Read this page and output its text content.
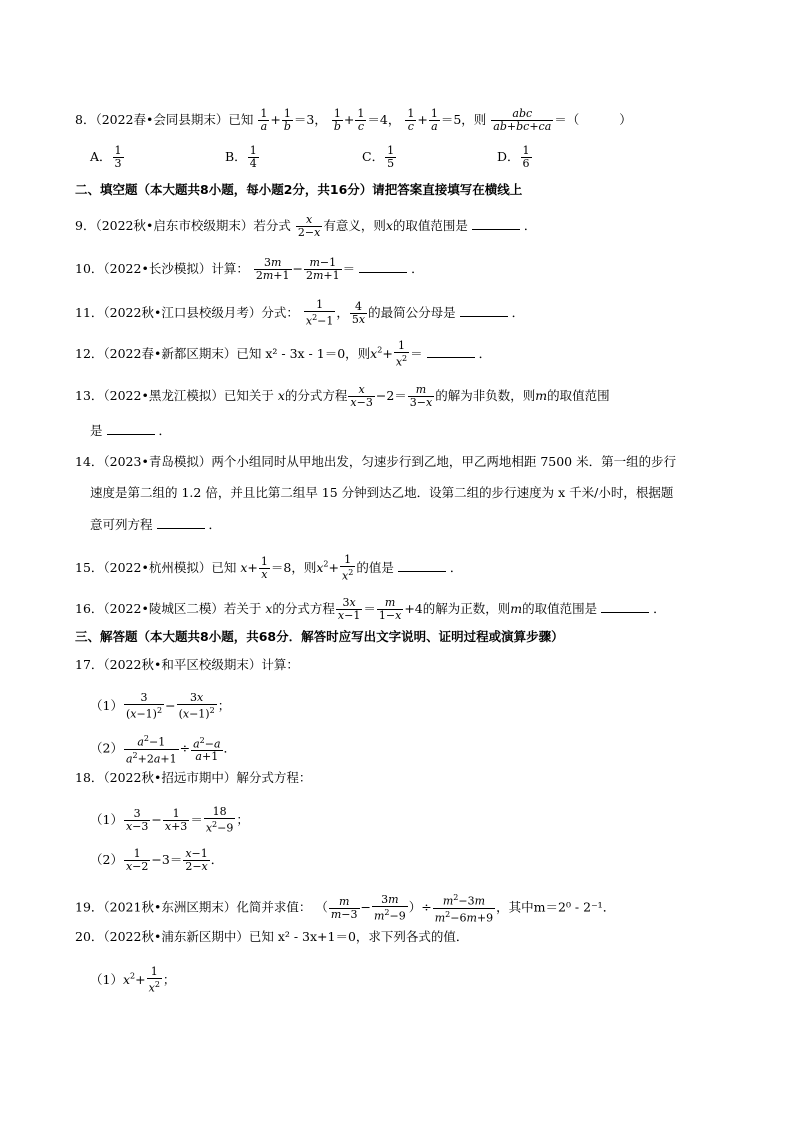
8．（2022春•会同县期末）已知 $\frac{1}{a} + \frac{1}{b} =3$， $\frac{1}{b} + \frac{1}{c} =4$， $\frac{1}{c} + \frac{1}{a} =5$，则 $\frac{\text{abc}}{ab+bc+ca}$ ＝（	）
A． $\frac{1}{3}$	B． $\frac{1}{4}$	C． $\frac{1}{5}$	D． $\frac{1}{6}$
二、填空题（本大题共8小题，每小题2分，共16分）请把答案直接填写在横线上
9．（2022秋•启东市校级期末）若分式 $\frac{x}{2-x}$ 有意义，则x的取值范围是	．
10．（2022•长沙模拟）计算： $\frac{3m}{2m+1} - \frac{m-1}{2m+1}$ ＝	．
11．（2022秋•江口县校级月考）分式： $\frac{1}{x^2-1}$ ， $\frac{4}{5x}$ 的最简公分母是	．
12．（2022春•新都区期末）已知 x² - 3x - 1＝0，则$x^2+ \frac{1}{x^2}$ ＝	．
13．（2022•黑龙江模拟）已知关于 x的分式方程 $\frac{x}{x-3} -2= \frac{m}{3-x}$ 的解为非负数，则m的取值范围
是	．
14．（2023•青岛模拟）两个小组同时从甲地出发，匀速步行到乙地，甲乙两地相距 7500 米．第一组的步行
速度是第二组的 1.2 倍，并且比第二组早 15 分钟到达乙地．设第二组的步行速度为 x 千米/小时，根据题
意可列方程	．
15．（2022•杭州模拟）已知 $x+ \frac{1}{x} =8$，则$x^2+ \frac{1}{x^2}$ 的值是	．
16．（2022•陵城区二模）若关于 x的分式方程 $\frac{3x}{x-1} = \frac{m}{1-x} +4$的解为正数，则m的取值范围是	．
三、解答题（本大题共8小题，共68分．解答时应写出文字说明、证明过程或演算步骤）
17．（2022秋•和平区校级期末）计算：
$(1) \frac{3}{(x-1)^2} - \frac{3x}{(x-1)^2}$ ；
$(2) \frac{a^2-1}{a^2+2a+1} \div \frac{a^2-a}{a+1}$ ．
18．（2022秋•招远市期中）解分式方程：
$(1) \frac{3}{x-3} - \frac{1}{x+3} = \frac{18}{x^2-9}$ ；
$(2) \frac{1}{x-2} -3= \frac{x-1}{2-x}$ ．
19．（2021秋•东洲区期末）化简并求值： （ $\frac{m}{m-3} - \frac{3m}{m^2-9}$ ）÷ $\frac{m^2-3m}{m^2-6m+9}$ ，其中m＝2⁰ - 2⁻¹．
20．（2022秋•浦东新区期中）已知 x² - 3x+1＝0，求下列各式的值．
$(1)x^2+ \frac{1}{x^2}$ ；
